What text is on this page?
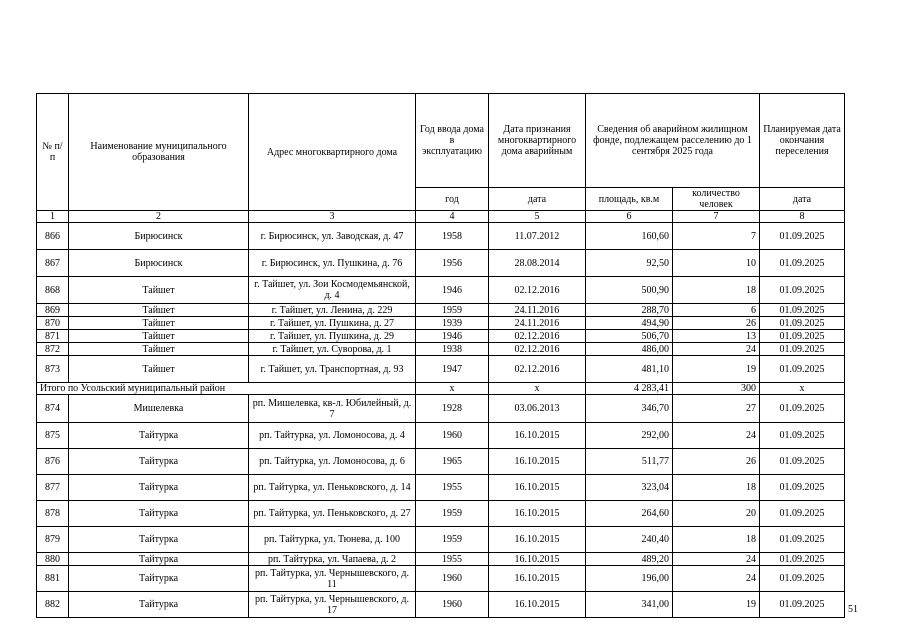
№ п/п	Наименование муниципального образования	Адрес многоквартирного дома	Год ввода дома в эксплуатацию	Дата признания многоквартирного дома аварийным	Сведения об аварийном жилищном фонде, подлежащем расселению до 1 сентября 2025 года		Планируемая дата окончания переселения
			год	дата	площадь, кв.м	количество человек	дата
1	2	3	4	5	6	7	8
866	Бирюсинск	г. Бирюсинск, ул. Заводская, д. 47	1958	11.07.2012	160,60	7	01.09.2025
867	Бирюсинск	г. Бирюсинск, ул. Пушкина, д. 76	1956	28.08.2014	92,50	10	01.09.2025
868	Тайшет	г. Тайшет, ул. Зои Космодемьянской, д. 4	1946	02.12.2016	500,90	18	01.09.2025
869	Тайшет	г. Тайшет, ул. Ленина, д. 229	1959	24.11.2016	288,70	6	01.09.2025
870	Тайшет	г. Тайшет, ул. Пушкина, д. 27	1939	24.11.2016	494,90	26	01.09.2025
871	Тайшет	г. Тайшет, ул. Пушкина, д. 29	1946	02.12.2016	506,70	13	01.09.2025
872	Тайшет	г. Тайшет, ул. Суворова, д. 1	1938	02.12.2016	486,00	24	01.09.2025
873	Тайшет	г. Тайшет, ул. Транспортная, д. 93	1947	02.12.2016	481,10	19	01.09.2025
Итого по Усольский муниципальный район			x	x	4 283,41	300	x
874	Мишелевка	рп. Мишелевка, кв-л. Юбилейный, д. 7	1928	03.06.2013	346,70	27	01.09.2025
875	Тайтурка	рп. Тайтурка, ул. Ломоносова, д. 4	1960	16.10.2015	292,00	24	01.09.2025
876	Тайтурка	рп. Тайтурка, ул. Ломоносова, д. 6	1965	16.10.2015	511,77	26	01.09.2025
877	Тайтурка	рп. Тайтурка, ул. Пеньковского, д. 14	1955	16.10.2015	323,04	18	01.09.2025
878	Тайтурка	рп. Тайтурка, ул. Пеньковского, д. 27	1959	16.10.2015	264,60	20	01.09.2025
879	Тайтурка	рп. Тайтурка, ул. Тюнева, д. 100	1959	16.10.2015	240,40	18	01.09.2025
880	Тайтурка	рп. Тайтурка, ул. Чапаева, д. 2	1955	16.10.2015	489,20	24	01.09.2025
881	Тайтурка	рп. Тайтурка, ул. Чернышевского, д. 11	1960	16.10.2015	196,00	24	01.09.2025
882	Тайтурка	рп. Тайтурка, ул. Чернышевского, д. 17	1960	16.10.2015	341,00	19	01.09.2025 51
